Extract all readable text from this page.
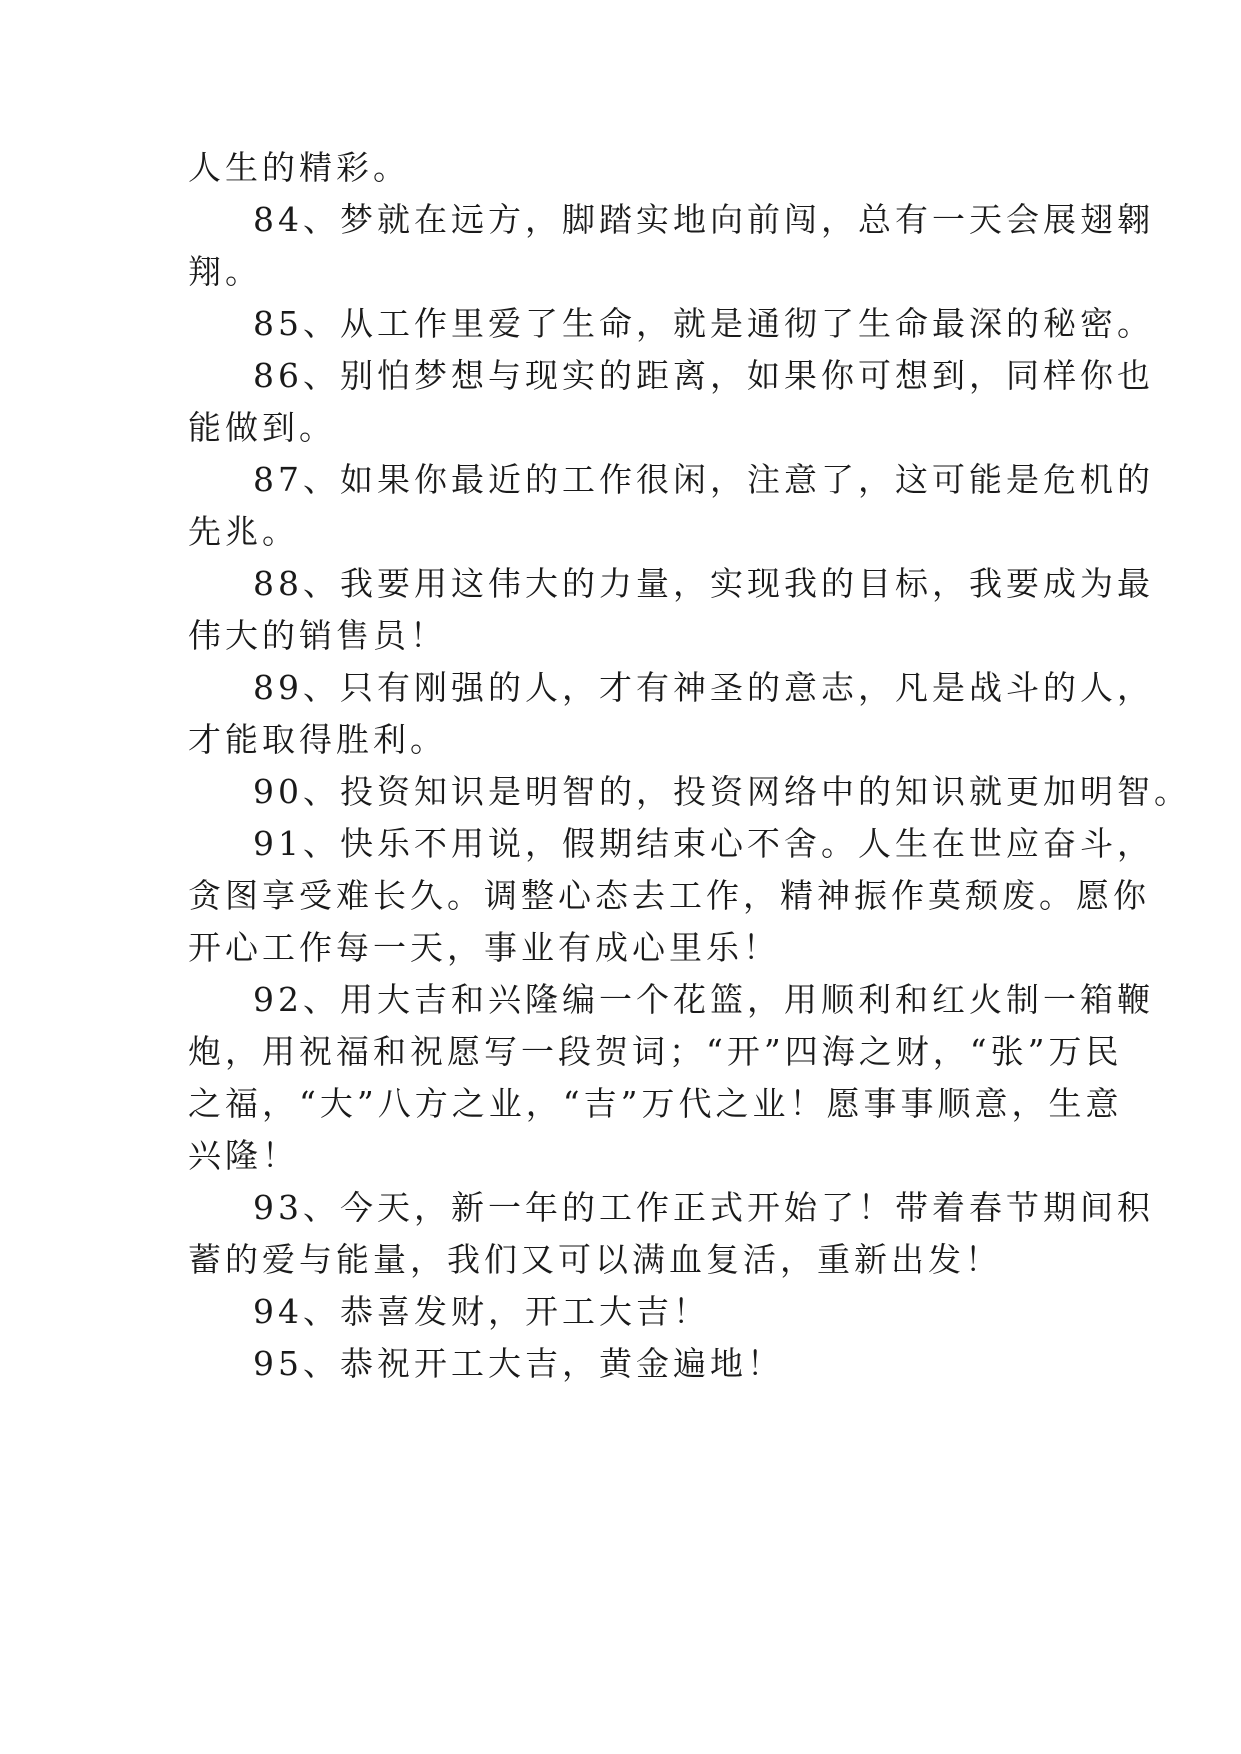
人生的精彩。
84、梦就在远方，脚踏实地向前闯，总有一天会展翅翱
翔。
85、从工作里爱了生命，就是通彻了生命最深的秘密。
86、别怕梦想与现实的距离，如果你可想到，同样你也
能做到。
87、如果你最近的工作很闲，注意了，这可能是危机的
先兆。
88、我要用这伟大的力量，实现我的目标，我要成为最
伟大的销售员！
89、只有刚强的人，才有神圣的意志，凡是战斗的人，
才能取得胜利。
90、投资知识是明智的，投资网络中的知识就更加明智。
91、快乐不用说，假期结束心不舍。人生在世应奋斗，
贪图享受难长久。调整心态去工作，精神振作莫颓废。愿你
开心工作每一天，事业有成心里乐！
92、用大吉和兴隆编一个花篮，用顺利和红火制一箱鞭
炮，用祝福和祝愿写一段贺词；“开”四海之财，“张”万民
之福，“大”八方之业，“吉”万代之业！愿事事顺意，生意
兴隆！
93、今天，新一年的工作正式开始了！带着春节期间积
蓄的爱与能量，我们又可以满血复活，重新出发！
94、恭喜发财，开工大吉！
95、恭祝开工大吉，黄金遍地！
